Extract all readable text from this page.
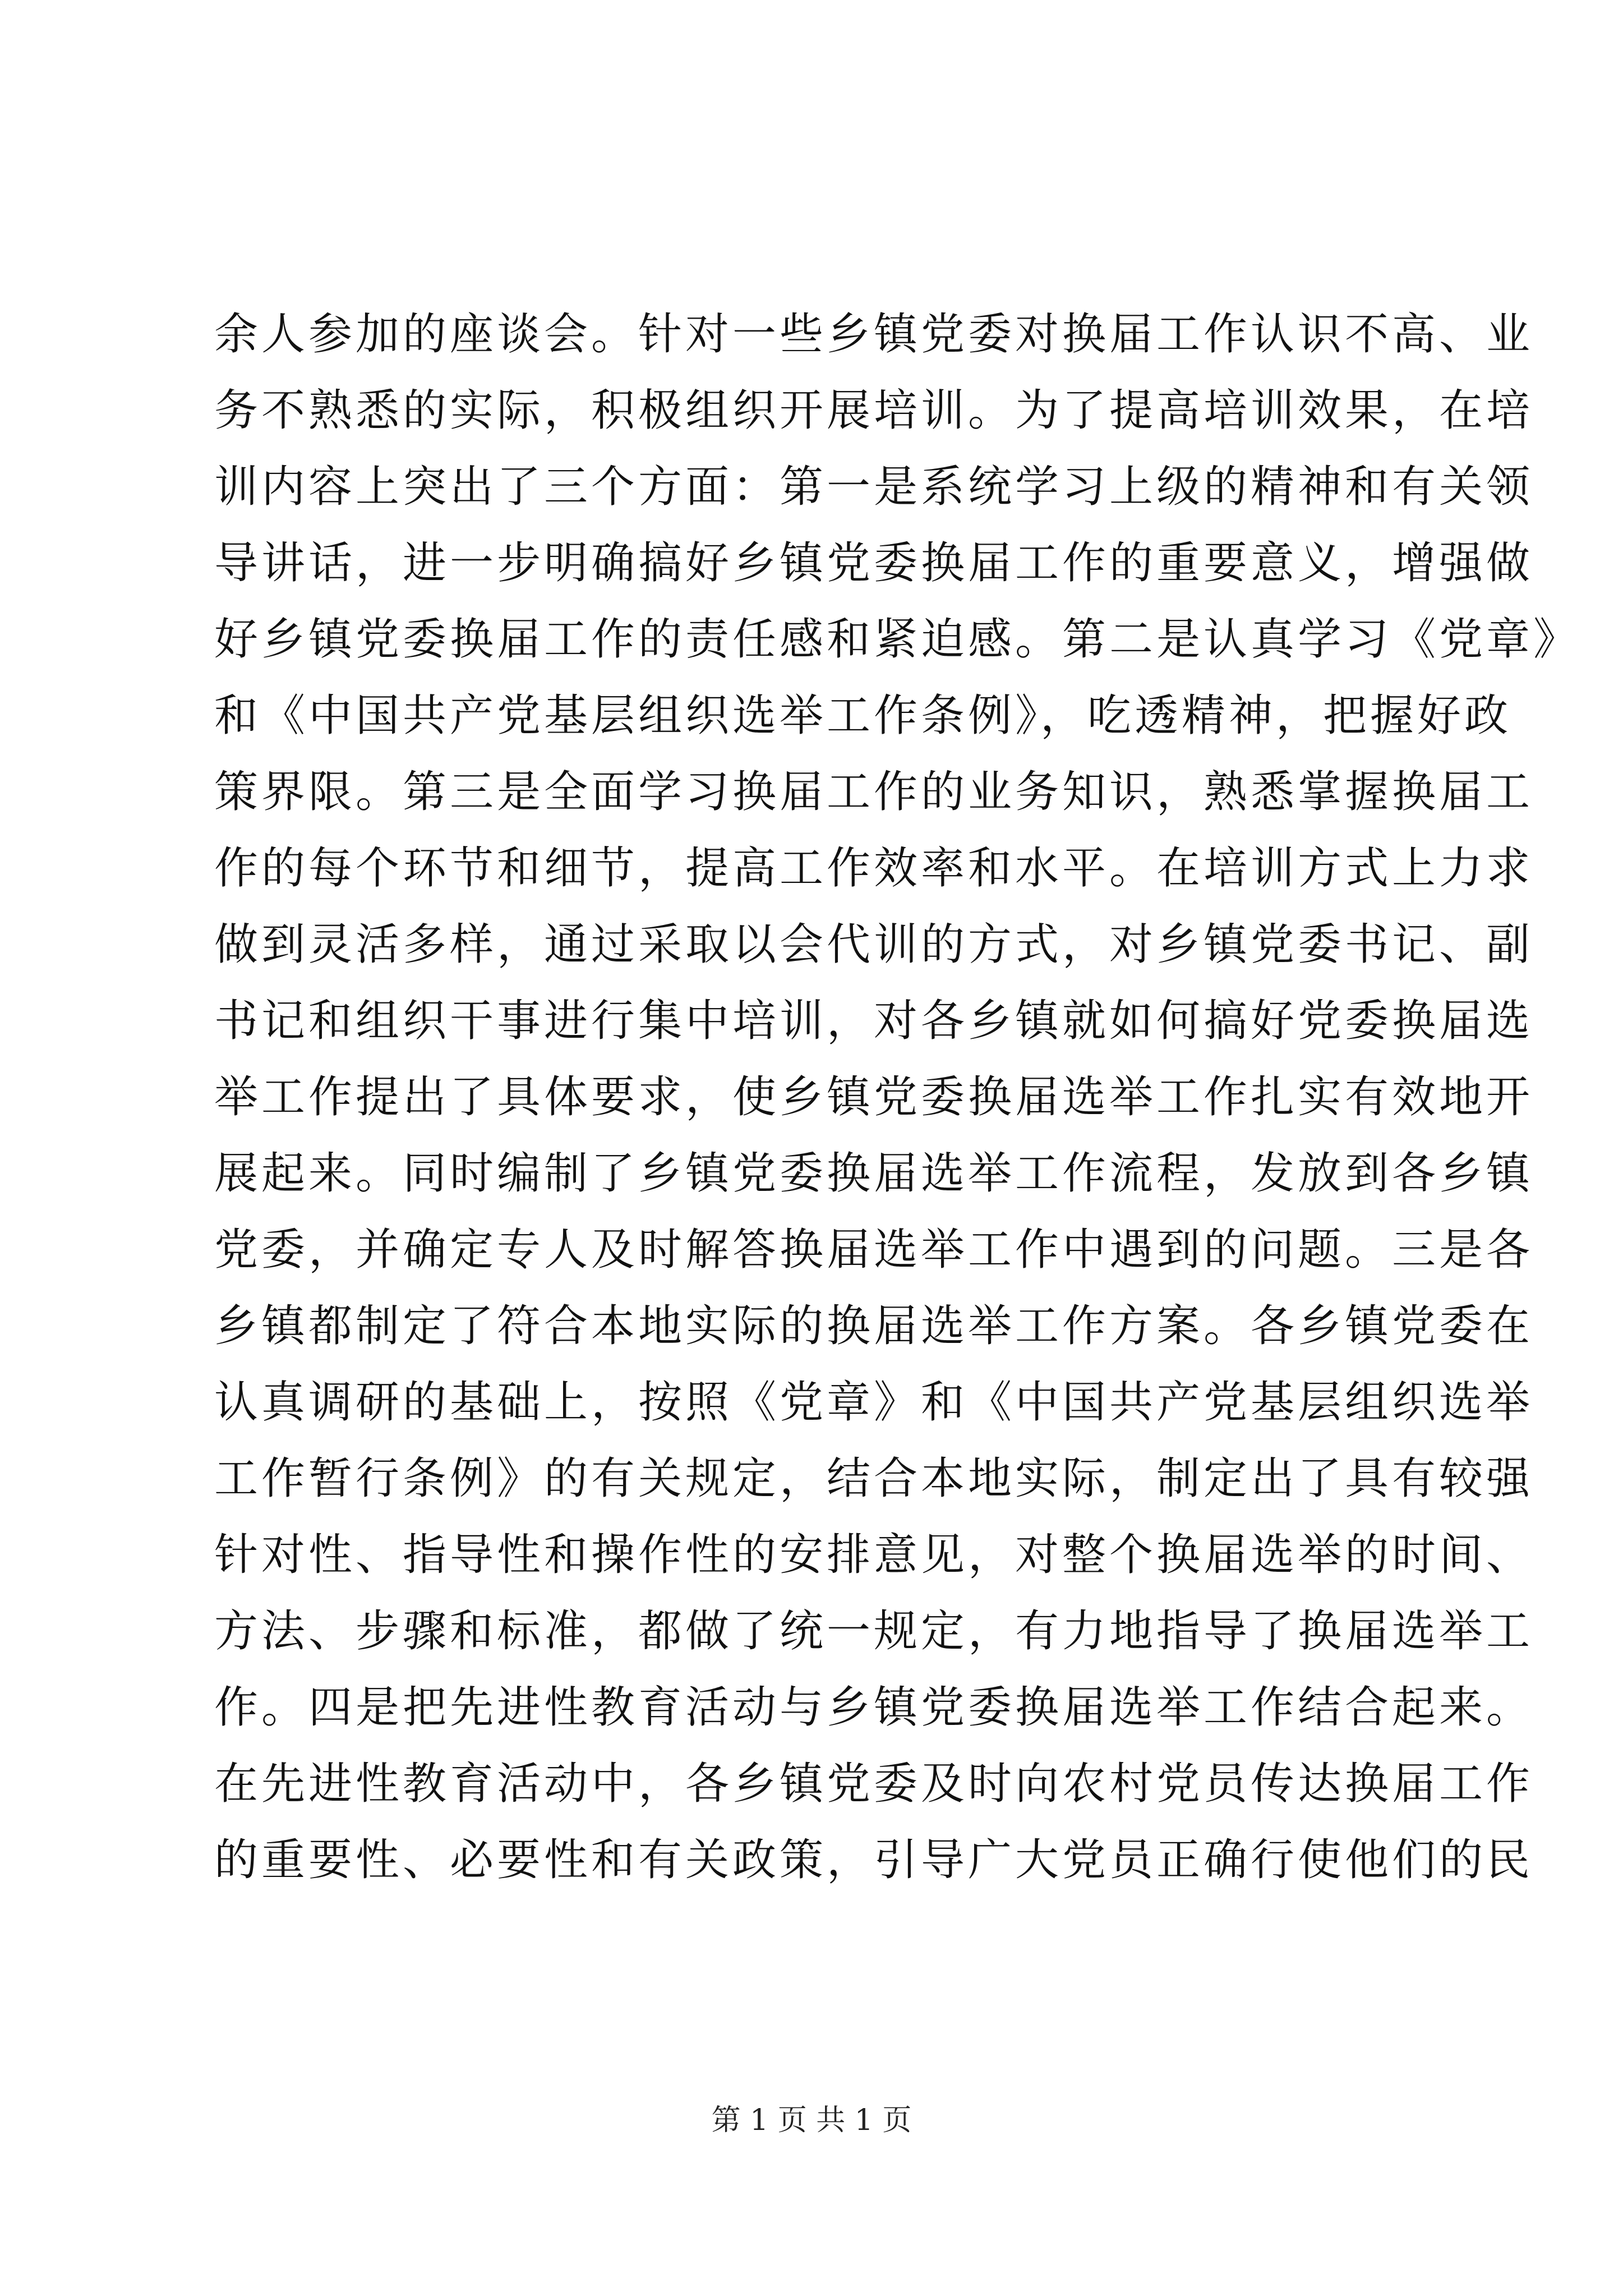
余人参加的座谈会。针对一些乡镇党委对换届工作认识不高、业
务不熟悉的实际，积极组织开展培训。为了提高培训效果，在培
训内容上突出了三个方面：第一是系统学习上级的精神和有关领
导讲话，进一步明确搞好乡镇党委换届工作的重要意义，增强做
好乡镇党委换届工作的责任感和紧迫感。第二是认真学习《党章》
和《中国共产党基层组织选举工作条例》，吃透精神，把握好政
策界限。第三是全面学习换届工作的业务知识，熟悉掌握换届工
作的每个环节和细节，提高工作效率和水平。在培训方式上力求
做到灵活多样，通过采取以会代训的方式，对乡镇党委书记、副
书记和组织干事进行集中培训，对各乡镇就如何搞好党委换届选
举工作提出了具体要求，使乡镇党委换届选举工作扎实有效地开
展起来。同时编制了乡镇党委换届选举工作流程，发放到各乡镇
党委，并确定专人及时解答换届选举工作中遇到的问题。三是各
乡镇都制定了符合本地实际的换届选举工作方案。各乡镇党委在
认真调研的基础上，按照《党章》和《中国共产党基层组织选举
工作暂行条例》的有关规定，结合本地实际，制定出了具有较强
针对性、指导性和操作性的安排意见，对整个换届选举的时间、
方法、步骤和标准，都做了统一规定，有力地指导了换届选举工
作。四是把先进性教育活动与乡镇党委换届选举工作结合起来。
在先进性教育活动中，各乡镇党委及时向农村党员传达换届工作
的重要性、必要性和有关政策，引导广大党员正确行使他们的民
第 1 页 共 1 页
